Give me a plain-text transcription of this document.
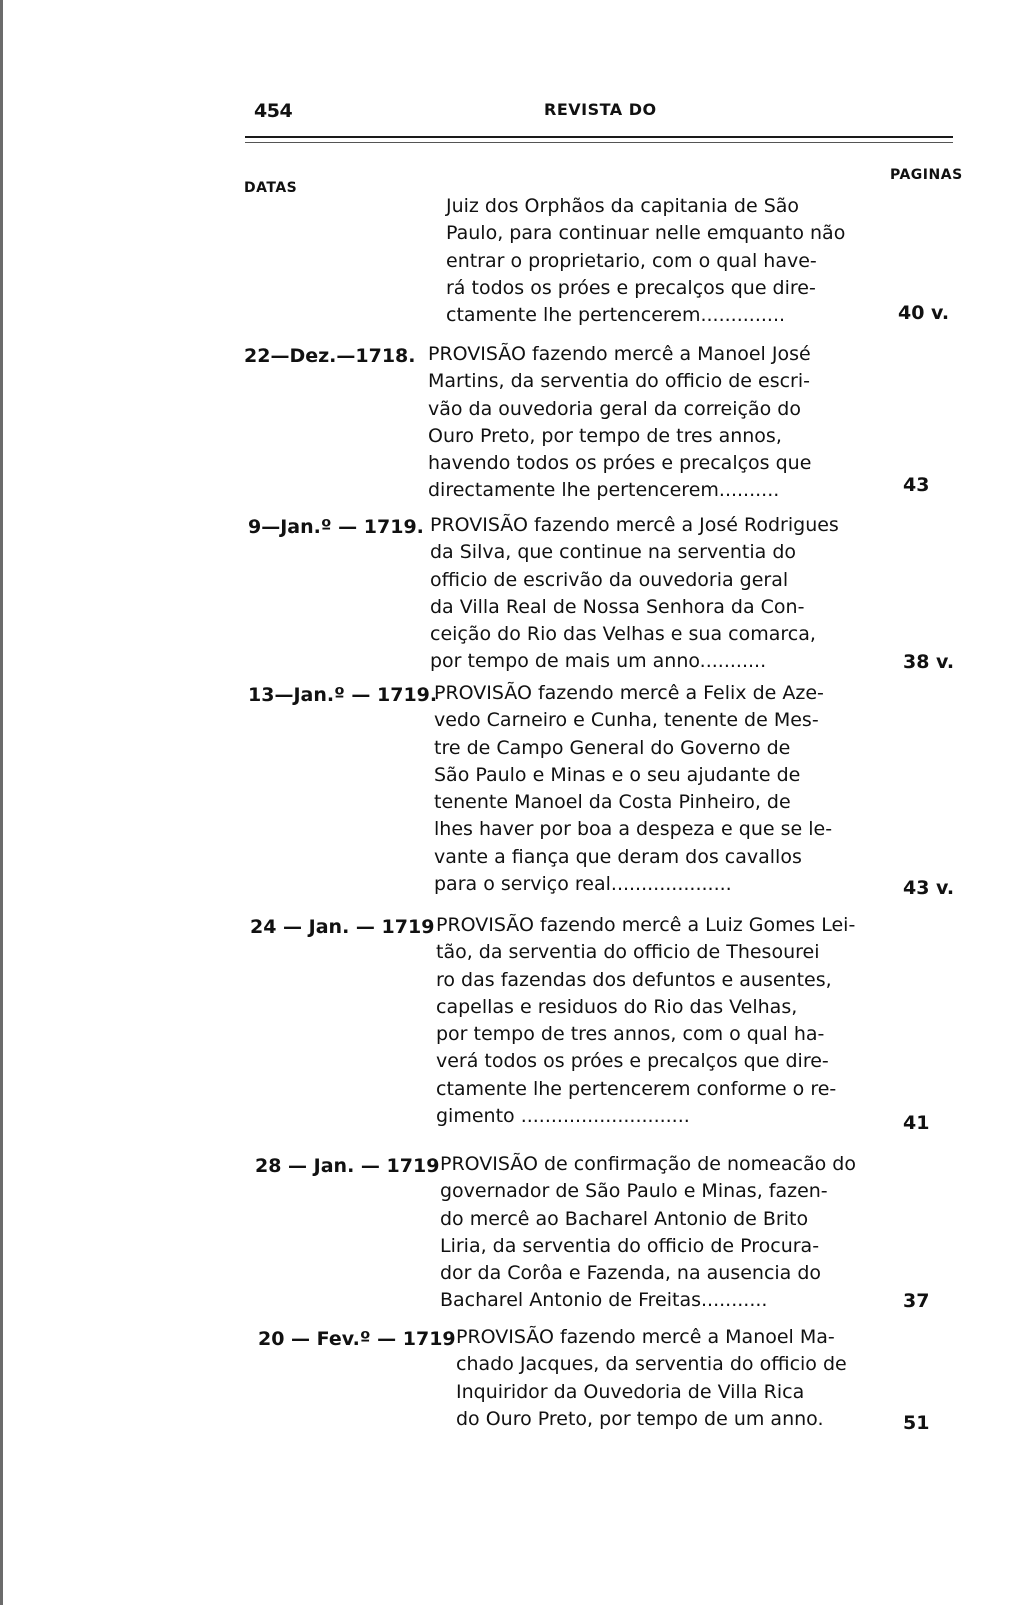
454	REVISTA DO
DATAS
PAGINAS
Juiz dos Orphãos da capitania de São
Paulo, para continuar nelle emquanto não
entrar o proprietario, com o qual have-
rá todos os próes e precalços que dire-
ctamente lhe pertencerem..............	40 v.
22—Dez.—1718. PROVISÃO fazendo mercê a Manoel José
Martins, da serventia do officio de escri-
vão da ouvedoria geral da correição do
Ouro Preto, por tempo de tres annos,
havendo todos os próes e precalços que
directamente lhe pertencerem..........	43
9—Jan.º — 1719. PROVISÃO fazendo mercê a José Rodrigues
da Silva, que continue na serventia do
officio de escrivão da ouvedoria geral
da Villa Real de Nossa Senhora da Con-
ceição do Rio das Velhas e sua comarca,
por tempo de mais um anno...........	38 v.
13—Jan.º — 1719.
PROVISÃO fazendo mercê a Felix de Aze-
vedo Carneiro e Cunha, tenente de Mes-
tre de Campo General do Governo de
São Paulo e Minas e o seu ajudante de
tenente Manoel da Costa Pinheiro, de
lhes haver por boa a despeza e que se le-
vante a fiança que deram dos cavallos
para o serviço real....................	43 v.
24 — Jan. — 1719 PROVISÃO fazendo mercê a Luiz Gomes Lei-
tão, da serventia do officio de Thesourei
ro das fazendas dos defuntos e ausentes,
capellas e residuos do Rio das Velhas,
por tempo de tres annos, com o qual ha-
verá todos os próes e precalços que dire-
ctamente lhe pertencerem conforme o re-
gimento ............................	41
28 — Jan. — 1719 PROVISÃO de confirmação de nomeacão do
governador de São Paulo e Minas, fazen-
do mercê ao Bacharel Antonio de Brito
Liria, da serventia do officio de Procura-
dor da Corôa e Fazenda, na ausencia do
Bacharel Antonio de Freitas...........	37
20 — Fev.º — 1719 PROVISÃO fazendo mercê a Manoel Ma-
chado Jacques, da serventia do officio de
Inquiridor da Ouvedoria de Villa Rica
do Ouro Preto, por tempo de um anno.	51
